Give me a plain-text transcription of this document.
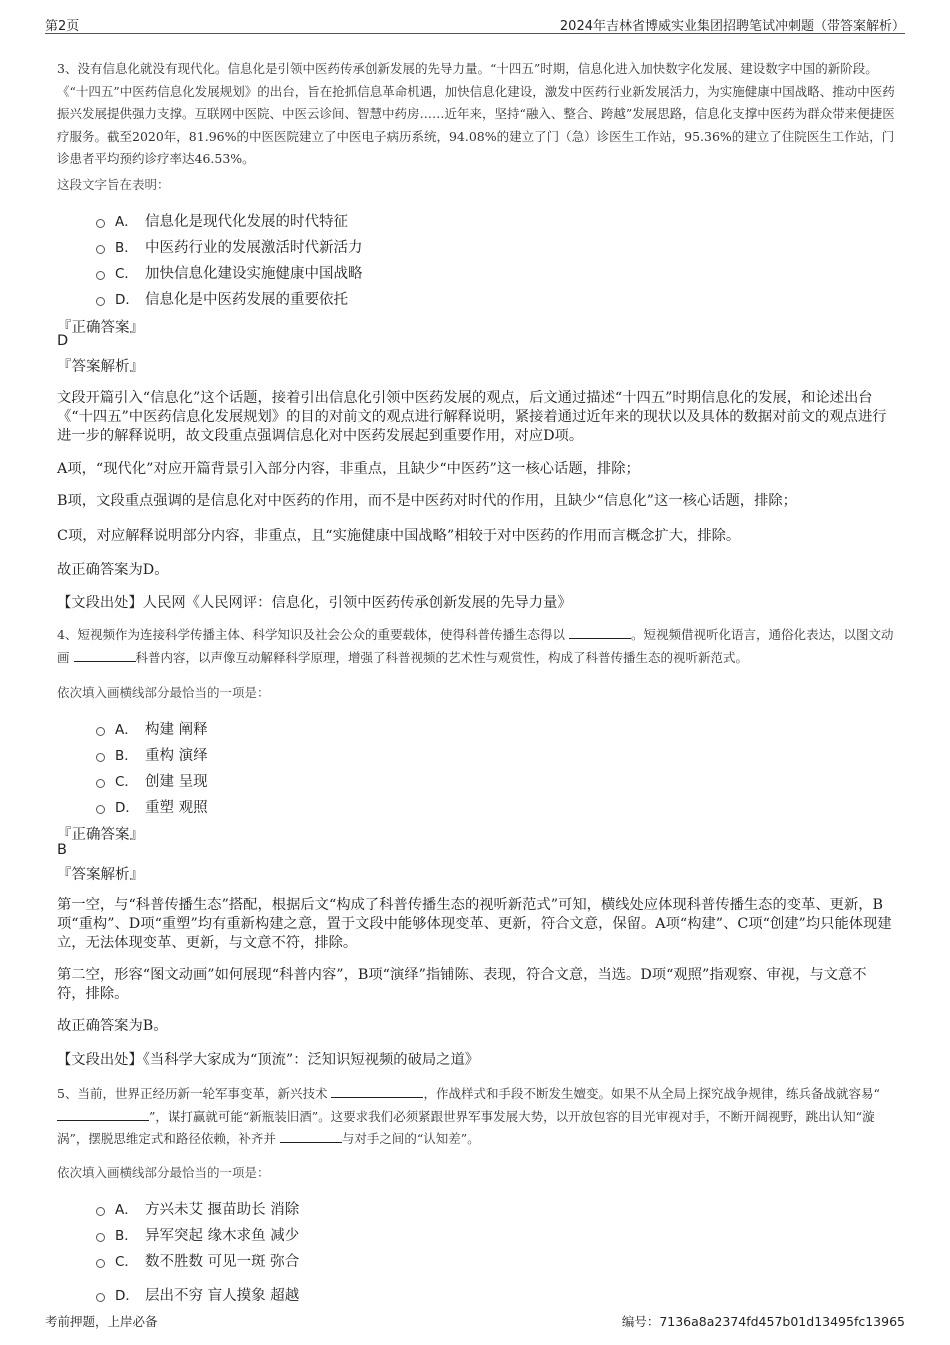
第2页	2024年吉林省博威实业集团招聘笔试冲刺题（带答案解析）
3、没有信息化就没有现代化。信息化是引领中医药传承创新发展的先导力量。“十四五”时期，信息化进入加快数字化发展、建设数字中国的新阶段。《“十四五”中医药信息化发展规划》的出台，旨在抢抓信息革命机遇，加快信息化建设，激发中医药行业新发展活力，为实施健康中国战略、推动中医药振兴发展提供强力支撑。互联网中医院、中医云诊间、智慧中药房……近年来，坚持“融入、整合、跨越”发展思路，信息化支撑中医药为群众带来便捷医疗服务。截至2020年，81.96%的中医医院建立了中医电子病历系统，94.08%的建立了门（急）诊医生工作站，95.36%的建立了住院医生工作站，门诊患者平均预约诊疗率达46.53%。
这段文字旨在表明：
A． 信息化是现代化发展的时代特征
B． 中医药行业的发展激活时代新活力
C． 加快信息化建设实施健康中国战略
D． 信息化是中医药发展的重要依托
『正确答案』
D
『答案解析』
文段开篇引入“信息化”这个话题，接着引出信息化引领中医药发展的观点，后文通过描述“十四五”时期信息化的发展，和论述出台《“十四五”中医药信息化发展规划》的目的对前文的观点进行解释说明，紧接着通过近年来的现状以及具体的数据对前文的观点进行进一步的解释说明，故文段重点强调信息化对中医药发展起到重要作用，对应D项。
A项，“现代化”对应开篇背景引入部分内容，非重点，且缺少“中医药”这一核心话题，排除；
B项，文段重点强调的是信息化对中医药的作用，而不是中医药对时代的作用，且缺少“信息化”这一核心话题，排除；
C项，对应解释说明部分内容，非重点，且“实施健康中国战略”相较于对中医药的作用而言概念扩大，排除。
故正确答案为D。
【文段出处】人民网《人民网评：信息化，引领中医药传承创新发展的先导力量》
4、短视频作为连接科学传播主体、科学知识及社会公众的重要载体，使得科普传播生态得以	。短视频借视听化语言，通俗化表达，以图文动画	科普内容，以声像互动解释科学原理，增强了科普视频的艺术性与观赏性，构成了科普传播生态的视听新范式。
依次填入画横线部分最恰当的一项是：
A． 构建 阐释
B． 重构 演绎
C． 创建 呈现
D． 重塑 观照
『正确答案』
B
『答案解析』
第一空，与“科普传播生态”搭配，根据后文“构成了科普传播生态的视听新范式”可知，横线处应体现科普传播生态的变革、更新，B项“重构”、D项“重塑”均有重新构建之意，置于文段中能够体现变革、更新，符合文意，保留。A项“构建”、C项“创建”均只能体现建立，无法体现变革、更新，与文意不符，排除。
第二空，形容“图文动画”如何展现“科普内容”，B项“演绎”指铺陈、表现，符合文意，当选。D项“观照”指观察、审视，与文意不符，排除。
故正确答案为B。
【文段出处】《当科学大家成为“顶流”：泛知识短视频的破局之道》
5、当前，世界正经历新一轮军事变革，新兴技术	，作战样式和手段不断发生嬗变。如果不从全局上探究战争规律，练兵备战就容易“ ”，谋打赢就可能“新瓶装旧酒”。这要求我们必须紧跟世界军事发展大势，以开放包容的目光审视对手，不断开阔视野，跳出认知“漩涡”，摆脱思维定式和路径依赖，补齐并	与对手之间的“认知差”。
依次填入画横线部分最恰当的一项是：
A． 方兴未艾 揠苗助长 消除
B． 异军突起 缘木求鱼 减少
C． 数不胜数 可见一斑 弥合
D． 层出不穷 盲人摸象 超越
考前押题，上岸必备	编号：7136a8a2374fd457b01d13495fc13965
